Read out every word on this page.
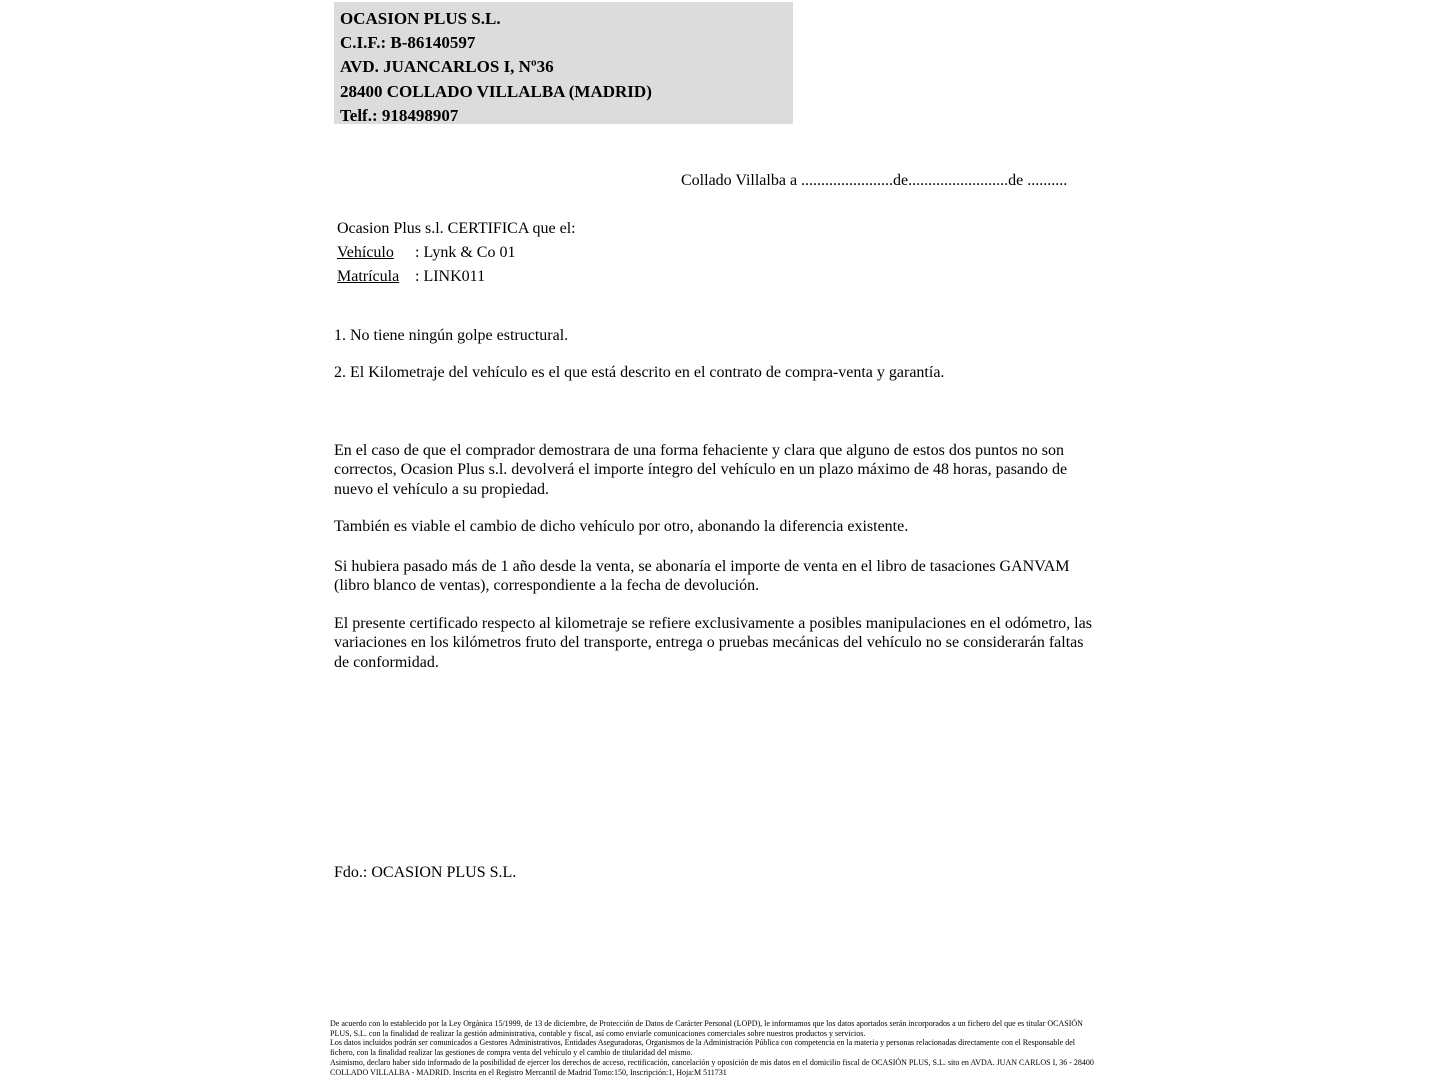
OCASION PLUS S.L.
C.I.F.: B-86140597
AVD. JUANCARLOS I, Nº36
28400 COLLADO VILLALBA (MADRID)
Telf.: 918498907
Collado Villalba a .......................de.........................de ..........
Ocasion Plus s.l. CERTIFICA que el:
Vehículo : Lynk & Co 01
Matrícula : LINK011
1. No tiene ningún golpe estructural.
2. El Kilometraje del vehículo es el que está descrito en el contrato de compra-venta y garantía.
En el caso de que el comprador demostrara de una forma fehaciente y clara que alguno de estos dos puntos no son correctos, Ocasion Plus s.l. devolverá el importe íntegro del vehículo en un plazo máximo de 48 horas, pasando de nuevo el vehículo a su propiedad.
También es viable el cambio de dicho vehículo por otro, abonando la diferencia existente.
Si hubiera pasado más de 1 año desde la venta, se abonaría el importe de venta en el libro de tasaciones GANVAM (libro blanco de ventas), correspondiente a la fecha de devolución.
El presente certificado respecto al kilometraje se refiere exclusivamente a posibles manipulaciones en el odómetro, las variaciones en los kilómetros fruto del transporte, entrega o pruebas mecánicas del vehículo no se considerarán faltas de conformidad.
Fdo.: OCASION PLUS S.L.

De acuerdo con lo establecido por la Ley Orgánica 15/1999, de 13 de diciembre, de Protección de Datos de Carácter Personal (LOPD), le informamos que los datos aportados serán incorporados a un fichero del que es titular OCASIÓN PLUS, S.L. con la finalidad de realizar la gestión administrativa, contable y fiscal, así como enviarle comunicaciones comerciales sobre nuestros productos y servicios.

Los datos incluidos podrán ser comunicados a Gestores Administrativos, Entidades Aseguradoras, Organismos de la Administración Pública con competencia en la materia y personas relacionadas directamente con el Responsable del fichero, con la finalidad realizar las gestiones de compra venta del vehículo y el cambio de titularidad del mismo.

Asimismo, declaro haber sido informado de la posibilidad de ejercer los derechos de acceso, rectificación, cancelación y oposición de mis datos en el domicilio fiscal de OCASIÓN PLUS, S.L. sito en AVDA. JUAN CARLOS I, 36 - 28400 COLLADO VILLALBA - MADRID. Inscrita en el Registro Mercantil de Madrid Tomo:150, Inscripción:1, Hoja:M 511731
